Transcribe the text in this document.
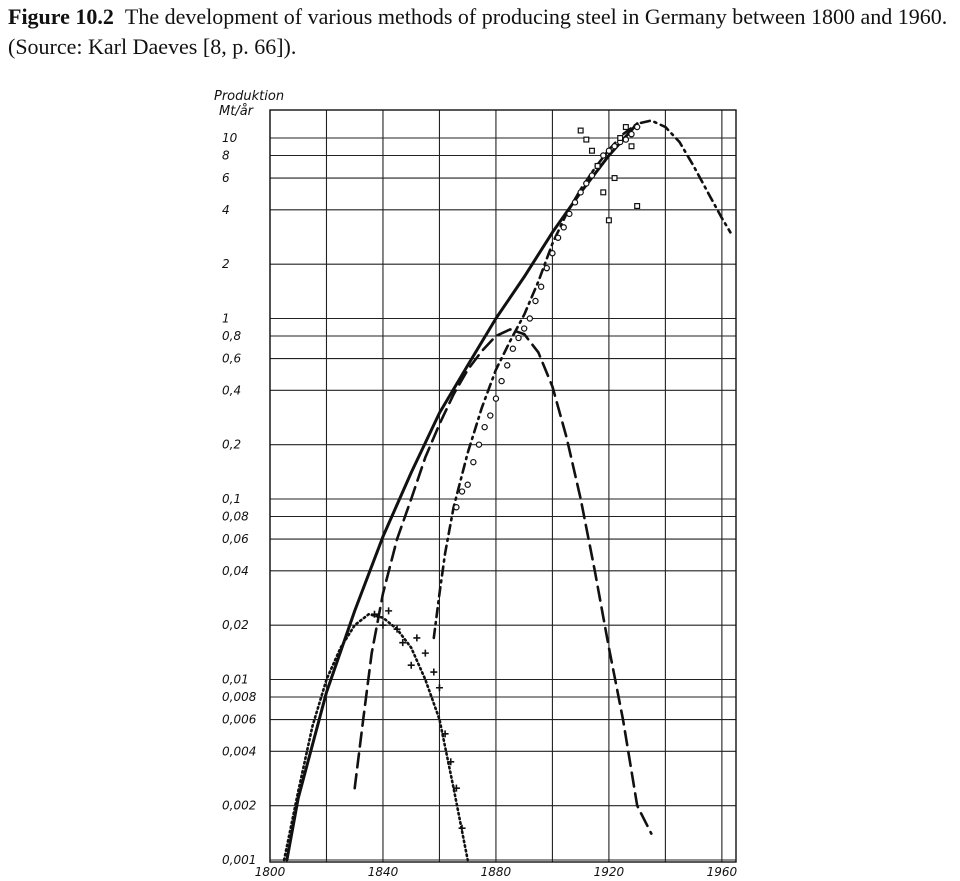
Figure 10.2 The development of various methods of producing steel in Germany between 1800 and 1960. (Source: Karl Daeves [8, p. 66]).
1800	1840	1880	1920	1960
0,001
0,002
0,004
0,006
0,008
0,01
0,02
0,04
0,06
0,08
0,1
0,2
0,4
0,6
0,8
1
2
4
6
8
10
Produktion
Mt/år
